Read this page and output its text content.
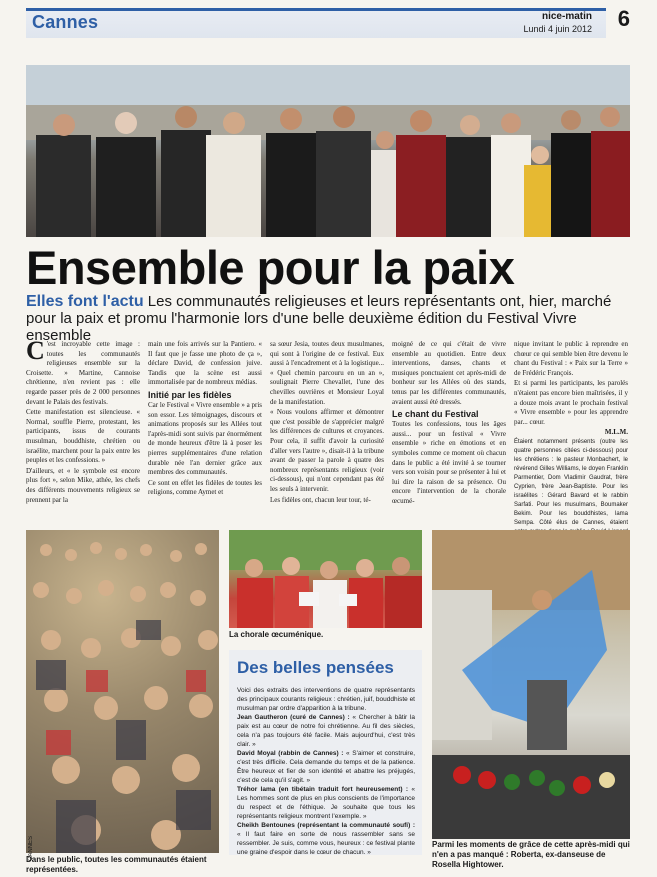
Cannes	nice-matin
Lundi 4 juin 2012 6
Ensemble pour la paix
Elles font l'actu Les communautés religieuses et leurs représentants ont, hier, marché pour la paix et promu l'harmonie lors d'une belle deuxième édition du Festival Vivre ensemble

C 'est incroyable cette image : toutes les communautés religieuses ensemble sur la Croisette. » Martine, Cannoise chrétienne, n'en revient pas : elle regarde passer près de 2 000 personnes devant le Palais des festivals.

Cette manifestation est silencieuse. « Normal, souffle Pierre, protestant, les participants, issus de courants musulman, bouddhiste, chrétien ou israélite, marchent pour la paix entre les peuples et les confessions. »

D'ailleurs, et « le symbole est encore plus fort », selon Mike, athée, les chefs des différents mouvements religieux se prennent par la

main une fois arrivés sur la Pantiero. « Il faut que je fasse une photo de ça », déclare David, de confession juive. Tandis que la scène est aussi immortalisée par de nombreux médias.

Initié par les fidèles

Car le Festival « Vivre ensemble » a pris son essor. Les témoignages, discours et animations proposés sur les Allées tout l'après-midi sont suivis par énormément de monde heureux d'être là à poser les pierres supplémentaires d'une relation durable née l'an dernier grâce aux membres des communautés.

Ce sont en effet les fidèles de toutes les religions, comme Aymet et

sa sœur Jesia, toutes deux musulmanes, qui sont à l'origine de ce festival. Eux aussi à l'encadrement et à la logistique... « Quel chemin parcouru en un an », soulignait Pierre Chevallet, l'une des chevilles ouvrières et Monsieur Loyal de la manifestation.

« Nous voulons affirmer et démontrer que c'est possible de s'apprécier malgré les différences de cultures et croyances. Pour cela, il suffit d'avoir la curiosité d'aller vers l'autre », disait-il à la tribune avant de passer la parole à quatre des nombreux représentants religieux (voir ci-dessous), qui n'ont cependant pas été les seuls à intervenir.

Les fidèles ont, chacun leur tour, té-

moigné de ce qui c'était de vivre ensemble au quotidien. Entre deux interventions, danses, chants et musiques ponctuaient cet après-midi de bonheur sur les Allées où des stands, tenus par les différentes communautés, avaient aussi été dressés.

Le chant du Festival

Toutes les confessions, tous les âges aussi... pour un festival « Vivre ensemble » riche en émotions et en symboles comme ce moment où chacun dans le public a été invité à se tourner vers son voisin pour se présenter à lui et lui dire la raison de sa présence. Ou encore l'intervention de la chorale œcumé-

nique invitant le public à reprendre en chœur ce qui semble bien être devenu le chant du Festival : « Paix sur la Terre » de Frédéric François.

Et si parmi les participants, les parolés n'étaient pas encore bien maîtrisées, il y a douze mois avant le prochain festival « Vivre ensemble » pour les apprendre par... cœur.

M.L.M.

Étaient notamment présents (outre les quatre personnes citées ci-dessous) pour les chrétiens : le pasteur Monbachert, le révérend Gilles Williams, le doyen Franklin Parmentier, Dom Vladimir Gaudrat, frère Cyprien, frère Jean-Baptiste. Pour les israélites : Gérard Bavard et le rabbin Sarfati. Pour les musulmans, Boumaker Bekim. Pour les bouddhistes, lama Sempa. Côté élus de Cannes, étaient

Dans le public, toutes les communautés étaient représentées.
La chorale œcuménique.
Des belles pensées
Voici des extraits des interventions de quatre représentants des principaux courants religieux : chrétien, juif, bouddhiste et musulman par ordre d'apparition à la tribune.
Jean Gautheron (curé de Cannes) : « Chercher à bâtir la paix est au cœur de notre foi chrétienne. Au fil des siècles, cela n'a pas toujours été facile. Mais aujourd'hui, c'est très clair. »
David Moyal (rabbin de Cannes) : « S'aimer et construire, c'est très difficile. Cela demande du temps et de la patience. Être heureux et fier de son identité et abattre les préjugés, c'est de cela qu'il s'agit. »
Tréhor lama (en tibétain traduit fort heureusement) : « Les hommes sont de plus en plus conscients de l'importance du respect et de l'éthique. Je souhaite que tous les représentants religieux montrent l'exemple. »
Cheikh Bentounes (représentant la communauté soufi) : « Il faut faire en sorte de nous rassembler sans se ressembler. Je suis, comme vous, heureux : ce festival plante une graine d'espoir dans le cœur de chacun. »
Parmi les moments de grâce de cette après-midi qui n'en a pas manqué : Roberta, ex-danseuse de Rosella Hightower.
CANNES
